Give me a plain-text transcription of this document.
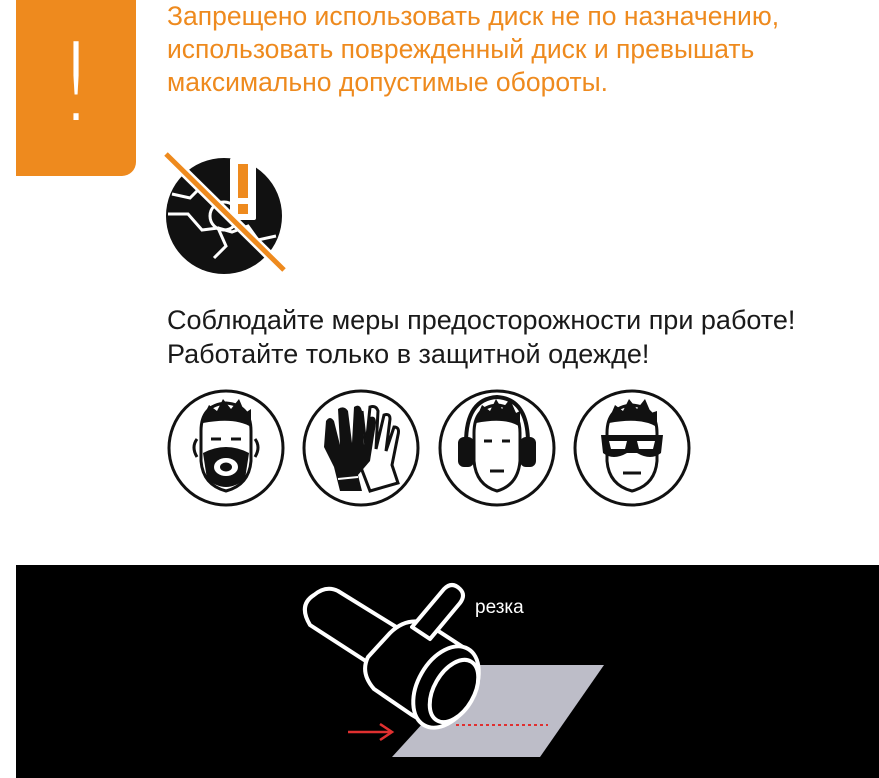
!

Запрещено использовать диск не по назначению, использовать поврежденный диск и превышать максимально допустимые обороты.

Соблюдайте меры предосторожности при работе! Работайте только в защитной одежде!

резка
